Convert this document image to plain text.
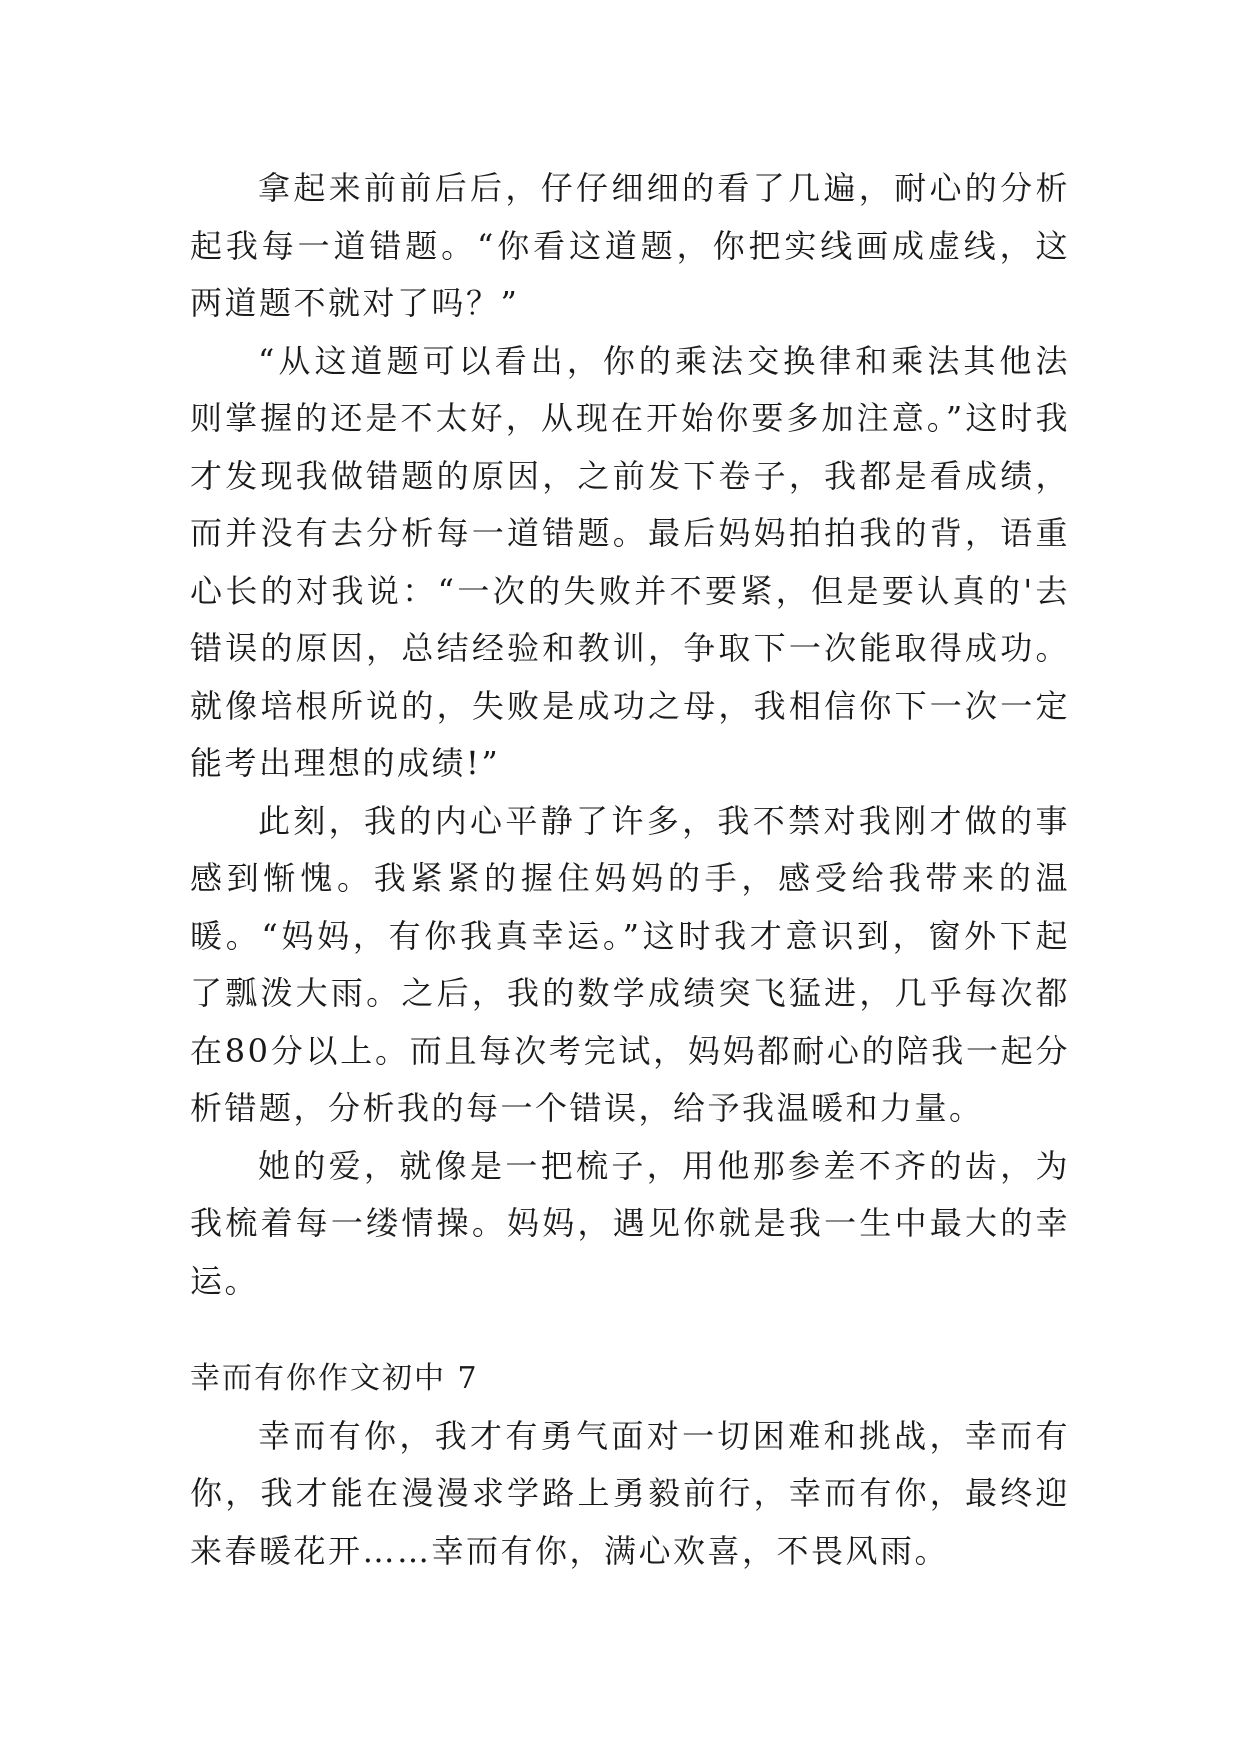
拿起来前前后后，仔仔细细的看了几遍，耐心的分析起我每一道错题。“你看这道题，你把实线画成虚线，这两道题不就对了吗？”

“从这道题可以看出，你的乘法交换律和乘法其他法则掌握的还是不太好，从现在开始你要多加注意。”这时我才发现我做错题的原因，之前发下卷子，我都是看成绩，而并没有去分析每一道错题。最后妈妈拍拍我的背，语重心长的对我说：“一次的失败并不要紧，但是要认真的'去错误的原因，总结经验和教训，争取下一次能取得成功。就像培根所说的，失败是成功之母，我相信你下一次一定能考出理想的成绩!”

此刻，我的内心平静了许多，我不禁对我刚才做的事感到惭愧。我紧紧的握住妈妈的手，感受给我带来的温暖。“妈妈，有你我真幸运。”这时我才意识到，窗外下起了瓢泼大雨。之后，我的数学成绩突飞猛进，几乎每次都在80分以上。而且每次考完试，妈妈都耐心的陪我一起分析错题，分析我的每一个错误，给予我温暖和力量。

她的爱，就像是一把梳子，用他那参差不齐的齿，为我梳着每一缕情操。妈妈，遇见你就是我一生中最大的幸运。

幸而有你作文初中 7

幸而有你，我才有勇气面对一切困难和挑战，幸而有你，我才能在漫漫求学路上勇毅前行，幸而有你，最终迎来春暖花开……幸而有你，满心欢喜，不畏风雨。
